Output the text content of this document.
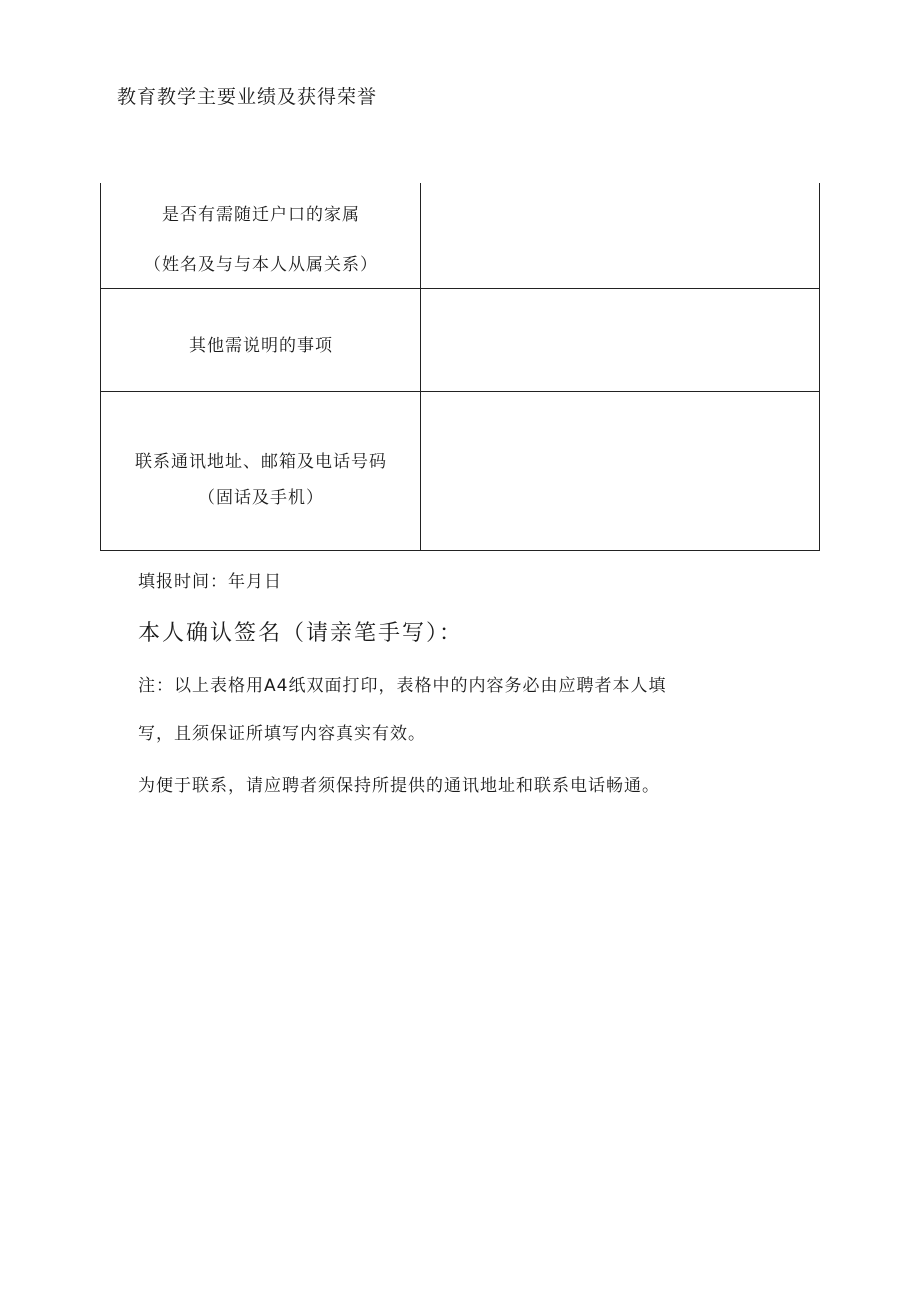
教育教学主要业绩及获得荣誉
是否有需随迁户口的家属
（姓名及与与本人从属关系）
其他需说明的事项
联系通讯地址、邮箱及电话号码
（固话及手机）
填报时间：年月日
本人确认签名（请亲笔手写）：
注：以上表格用A4纸双面打印，表格中的内容务必由应聘者本人填
写，且须保证所填写内容真实有效。
为便于联系，请应聘者须保持所提供的通讯地址和联系电话畅通。
